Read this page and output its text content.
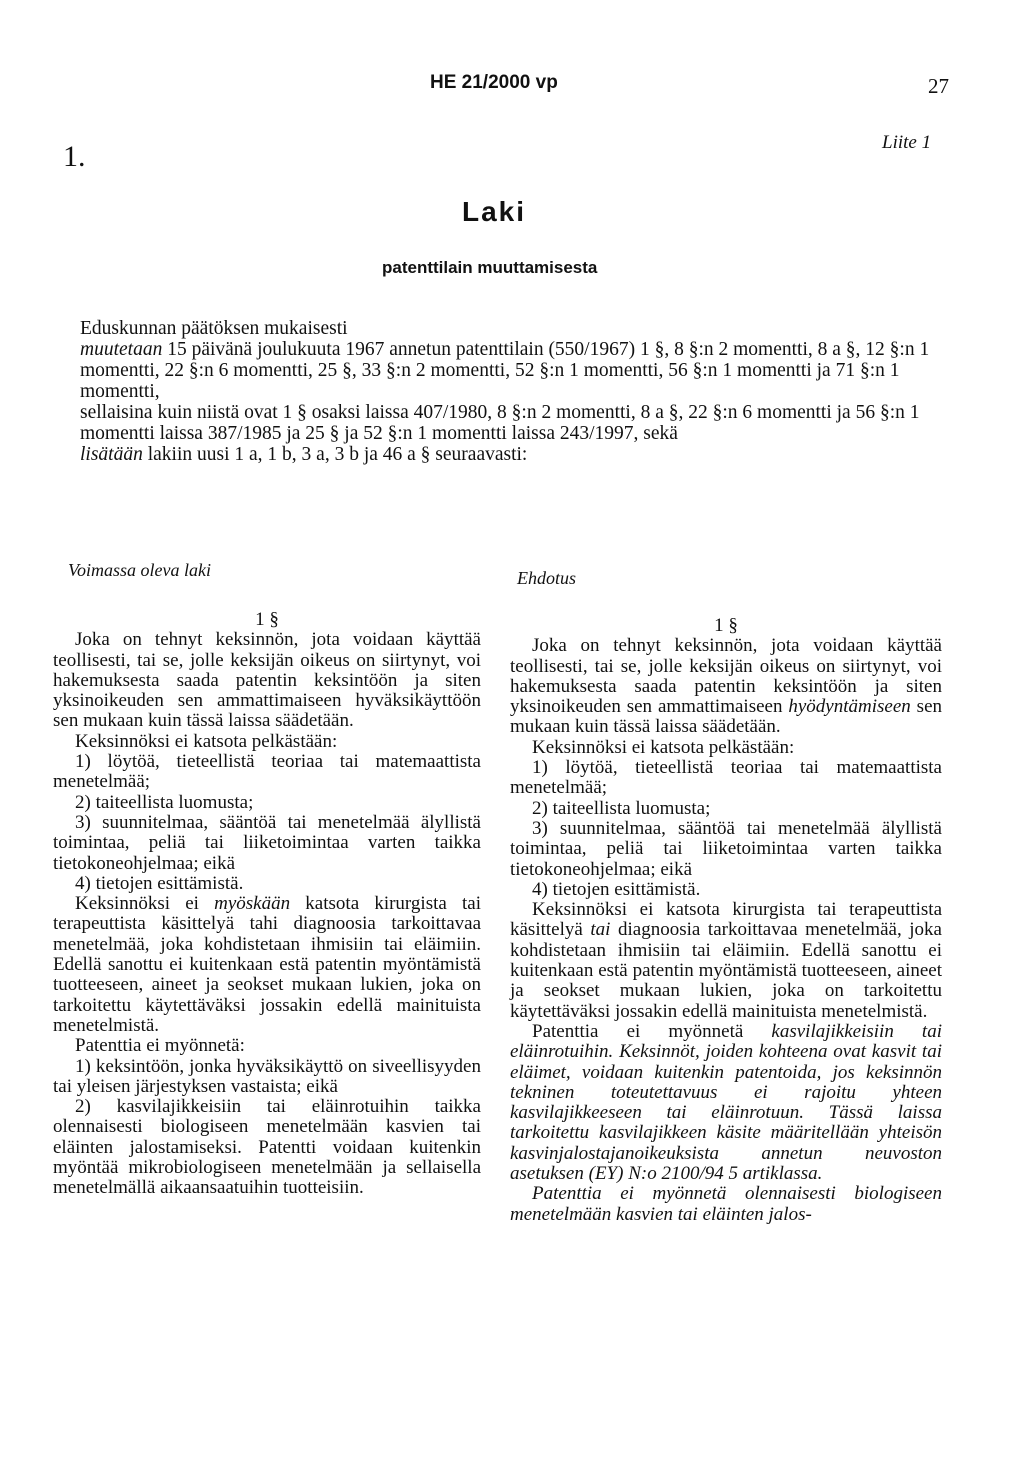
HE 21/2000 vp	27
1.	Liite 1
Laki
patenttilain muuttamisesta

Eduskunnan päätöksen mukaisesti

muutetaan 15 päivänä joulukuuta 1967 annetun patenttilain (550/1967) 1 §, 8 §:n 2 momentti, 8 a §, 12 §:n 1 momentti, 22 §:n 6 momentti, 25 §, 33 §:n 2 momentti, 52 §:n 1 momentti, 56 §:n 1 momentti ja 71 §:n 1 momentti,

sellaisina kuin niistä ovat 1 § osaksi laissa 407/1980, 8 §:n 2 momentti, 8 a §, 22 §:n 6 momentti ja 56 §:n 1 momentti laissa 387/1985 ja 25 § ja 52 §:n 1 momentti laissa 243/1997, sekä

lisätään lakiin uusi 1 a, 1 b, 3 a, 3 b ja 46 a § seuraavasti:

Voimassa oleva laki	Ehdotus

1 §

Joka on tehnyt keksinnön, jota voidaan käyttää teollisesti, tai se, jolle keksijän oikeus on siirtynyt, voi hakemuksesta saada patentin keksintöön ja siten yksinoikeuden sen ammattimaiseen hyväksikäyttöön sen mukaan kuin tässä laissa säädetään.

Keksinnöksi ei katsota pelkästään:

1) löytöä, tieteellistä teoriaa tai matemaattista menetelmää;

2) taiteellista luomusta;

3) suunnitelmaa, sääntöä tai menetelmää älyllistä toimintaa, peliä tai liiketoimintaa varten taikka tietokoneohjelmaa; eikä

4) tietojen esittämistä.

Keksinnöksi ei myöskään katsota kirurgista tai terapeuttista käsittelyä tahi diagnoosia tarkoittavaa menetelmää, joka kohdistetaan ihmisiin tai eläimiin. Edellä sanottu ei kuitenkaan estä patentin myöntämistä tuotteeseen, aineet ja seokset mukaan lukien, joka on tarkoitettu käytettäväksi jossakin edellä mainituista menetelmistä.

Patenttia ei myönnetä:

1) keksintöön, jonka hyväksikäyttö on siveellisyyden tai yleisen järjestyksen vastaista; eikä

2) kasvilajikkeisiin tai eläinrotuihin taikka olennaisesti biologiseen menetelmään kasvien tai eläinten jalostamiseksi. Patentti voidaan kuitenkin myöntää mikrobiologiseen menetelmään ja sellaisella menetelmällä aikaansaatuihin tuotteisiin.

1 §

Joka on tehnyt keksinnön, jota voidaan käyttää teollisesti, tai se, jolle keksijän oikeus on siirtynyt, voi hakemuksesta saada patentin keksintöön ja siten yksinoikeuden sen ammattimaiseen hyödyntämiseen sen mukaan kuin tässä laissa säädetään.

Keksinnöksi ei katsota pelkästään:

1) löytöä, tieteellistä teoriaa tai matemaattista menetelmää;

2) taiteellista luomusta;

3) suunnitelmaa, sääntöä tai menetelmää älyllistä toimintaa, peliä tai liiketoimintaa varten taikka tietokoneohjelmaa; eikä

4) tietojen esittämistä.

Keksinnöksi ei katsota kirurgista tai terapeuttista käsittelyä tai diagnoosia tarkoittavaa menetelmää, joka kohdistetaan ihmisiin tai eläimiin. Edellä sanottu ei kuitenkaan estä patentin myöntämistä tuotteeseen, aineet ja seokset mukaan lukien, joka on tarkoitettu käytettäväksi jossakin edellä mainituista menetelmistä.

Patenttia ei myönnetä kasvilajikkeisiin tai eläinrotuihin. Keksinnöt, joiden kohteena ovat kasvit tai eläimet, voidaan kuitenkin patentoida, jos keksinnön tekninen toteutettavuus ei rajoitu yhteen kasvilajikkeeseen tai eläinrotuun. Tässä laissa tarkoitettu kasvilajikkeen käsite määritellään yhteisön kasvinjalostajanoikeuksista annetun neuvoston asetuksen (EY) N:o 2100/94 5 artiklassa.

Patenttia ei myönnetä olennaisesti biologiseen menetelmään kasvien tai eläinten jalos-
